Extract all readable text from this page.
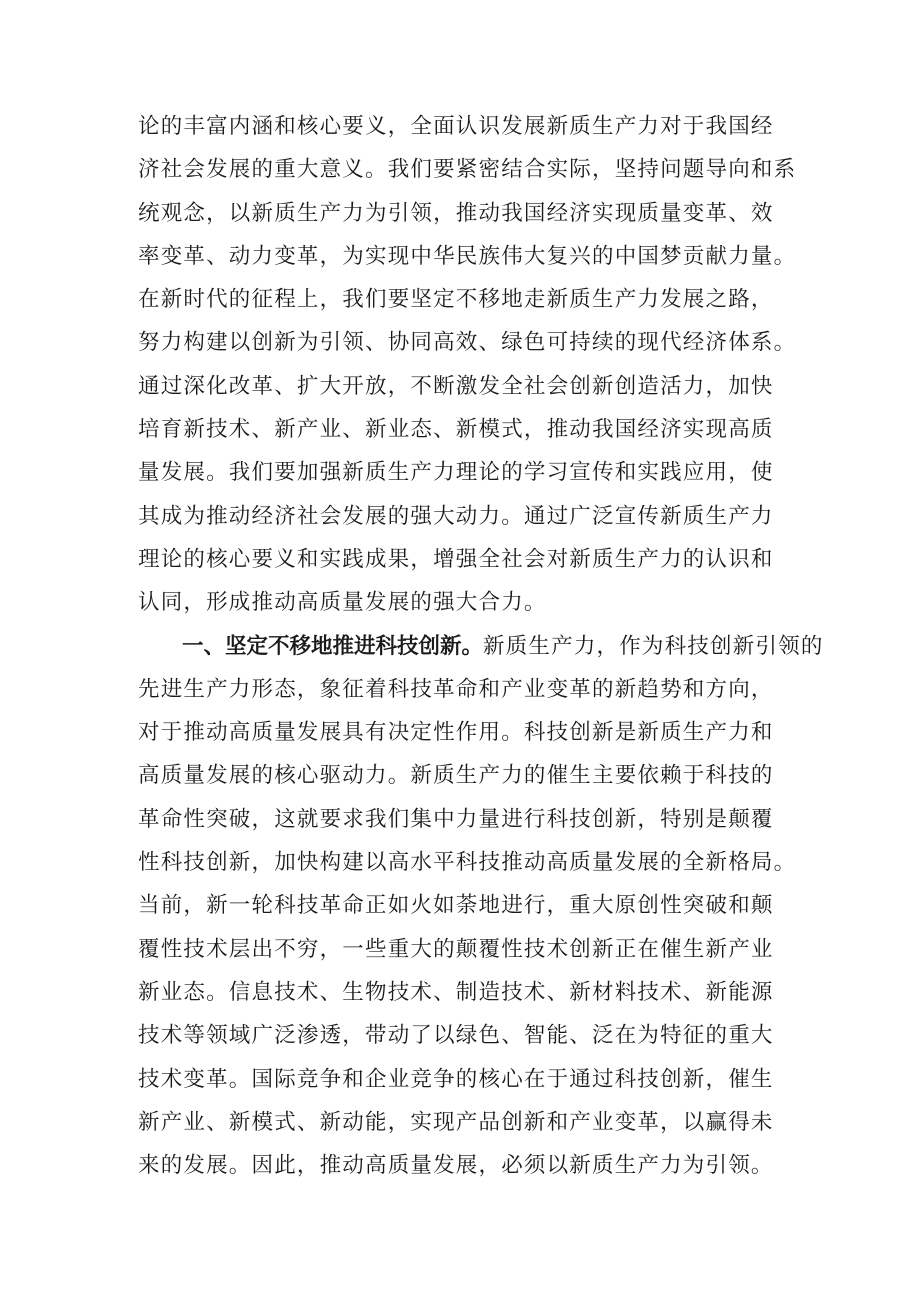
论的丰富内涵和核心要义，全面认识发展新质生产力对于我国经
济社会发展的重大意义。我们要紧密结合实际，坚持问题导向和系
统观念，以新质生产力为引领，推动我国经济实现质量变革、效
率变革、动力变革，为实现中华民族伟大复兴的中国梦贡献力量。
在新时代的征程上，我们要坚定不移地走新质生产力发展之路，
努力构建以创新为引领、协同高效、绿色可持续的现代经济体系。
通过深化改革、扩大开放，不断激发全社会创新创造活力，加快
培育新技术、新产业、新业态、新模式，推动我国经济实现高质
量发展。我们要加强新质生产力理论的学习宣传和实践应用，使
其成为推动经济社会发展的强大动力。通过广泛宣传新质生产力
理论的核心要义和实践成果，增强全社会对新质生产力的认识和
认同，形成推动高质量发展的强大合力。
一、坚定不移地推进科技创新。新质生产力，作为科技创新引领的
先进生产力形态，象征着科技革命和产业变革的新趋势和方向，
对于推动高质量发展具有决定性作用。科技创新是新质生产力和
高质量发展的核心驱动力。新质生产力的催生主要依赖于科技的
革命性突破，这就要求我们集中力量进行科技创新，特别是颠覆
性科技创新，加快构建以高水平科技推动高质量发展的全新格局。
当前，新一轮科技革命正如火如荼地进行，重大原创性突破和颠
覆性技术层出不穷，一些重大的颠覆性技术创新正在催生新产业
新业态。信息技术、生物技术、制造技术、新材料技术、新能源
技术等领域广泛渗透，带动了以绿色、智能、泛在为特征的重大
技术变革。国际竞争和企业竞争的核心在于通过科技创新，催生
新产业、新模式、新动能，实现产品创新和产业变革，以赢得未
来的发展。因此，推动高质量发展，必须以新质生产力为引领。
